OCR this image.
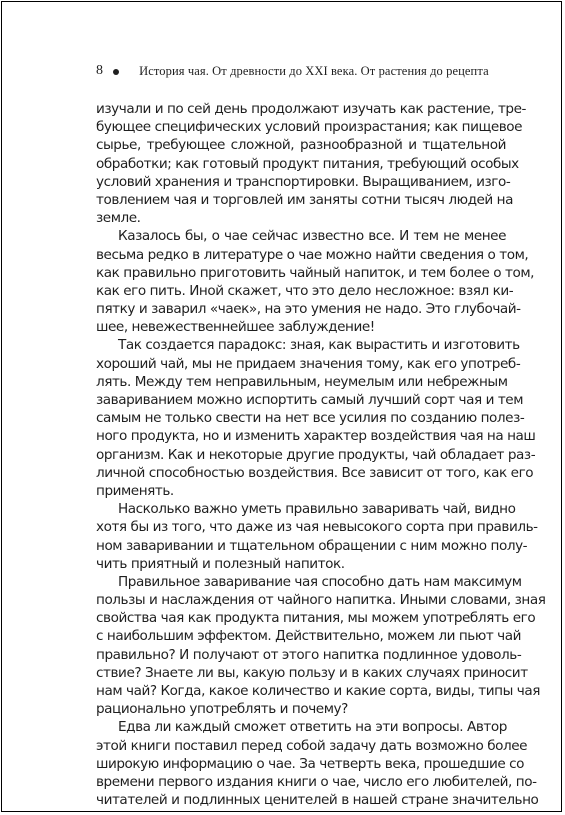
8	История чая. От древности до XXI века. От растения до рецепта
изучали и по сей день продолжают изучать как растение, тре-
бующее специфических условий произрастания; как пищевое
сырье, требующее сложной, разнообразной и тщательной
обработки; как готовый продукт питания, требующий особых
условий хранения и транспортировки. Выращиванием, изго-
товлением чая и торговлей им заняты сотни тысяч людей на
земле.
Казалось бы, о чае сейчас известно все. И тем не менее
весьма редко в литературе о чае можно найти сведения о том,
как правильно приготовить чайный напиток, и тем более о том,
как его пить. Иной скажет, что это дело несложное: взял ки-
пятку и заварил «чаек», на это умения не надо. Это глубочай-
шее, невежественнейшее заблуждение!
Так создается парадокс: зная, как вырастить и изготовить
хороший чай, мы не придаем значения тому, как его употреб-
лять. Между тем неправильным, неумелым или небрежным
завариванием можно испортить самый лучший сорт чая и тем
самым не только свести на нет все усилия по созданию полез-
ного продукта, но и изменить характер воздействия чая на наш
организм. Как и некоторые другие продукты, чай обладает раз-
личной способностью воздействия. Все зависит от того, как его
применять.
Насколько важно уметь правильно заваривать чай, видно
хотя бы из того, что даже из чая невысокого сорта при правиль-
ном заваривании и тщательном обращении с ним можно полу-
чить приятный и полезный напиток.
Правильное заваривание чая способно дать нам максимум
пользы и наслаждения от чайного напитка. Иными словами, зная
свойства чая как продукта питания, мы можем употреблять его
с наибольшим эффектом. Действительно, можем ли пьют чай
правильно? И получают от этого напитка подлинное удоволь-
ствие? Знаете ли вы, какую пользу и в каких случаях приносит
нам чай? Когда, какое количество и какие сорта, виды, типы чая
рационально употреблять и почему?
Едва ли каждый сможет ответить на эти вопросы. Автор
этой книги поставил перед собой задачу дать возможно более
широкую информацию о чае. За четверть века, прошедшие со
времени первого издания книги о чае, число его любителей, по-
читателей и подлинных ценителей в нашей стране значительно
